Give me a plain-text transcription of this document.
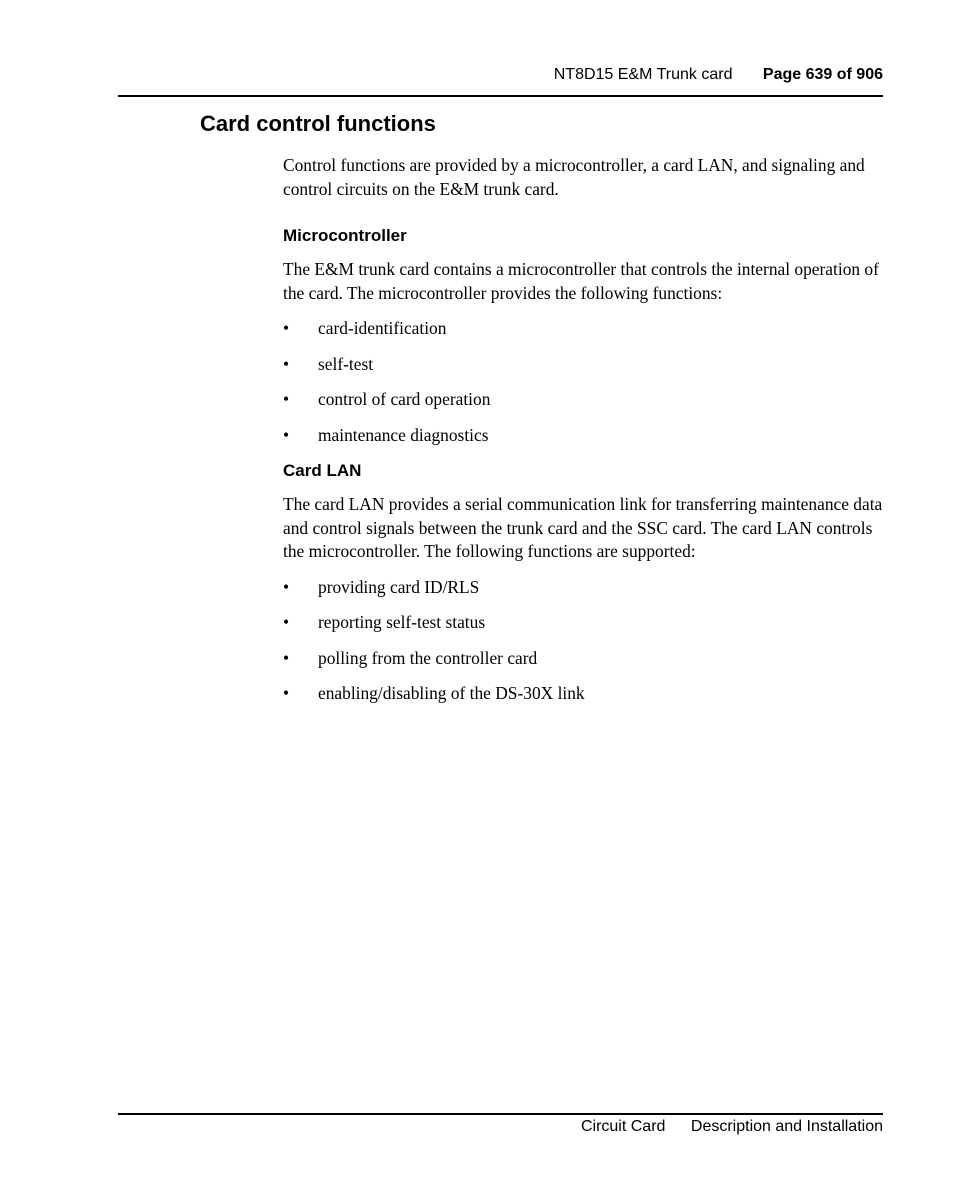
NT8D15 E&M Trunk card Page 639 of 906
Card control functions

Control functions are provided by a microcontroller, a card LAN, and signaling and control circuits on the E&M trunk card.

Microcontroller

The E&M trunk card contains a microcontroller that controls the internal operation of the card. The microcontroller provides the following functions:

• card-identification
• self-test
• control of card operation
• maintenance diagnostics
Card LAN

The card LAN provides a serial communication link for transferring maintenance data and control signals between the trunk card and the SSC card. The card LAN controls the microcontroller. The following functions are supported:

• providing card ID/RLS
• reporting self-test status
• polling from the controller card
• enabling/disabling of the DS-30X link
Circuit Card Description and Installation
